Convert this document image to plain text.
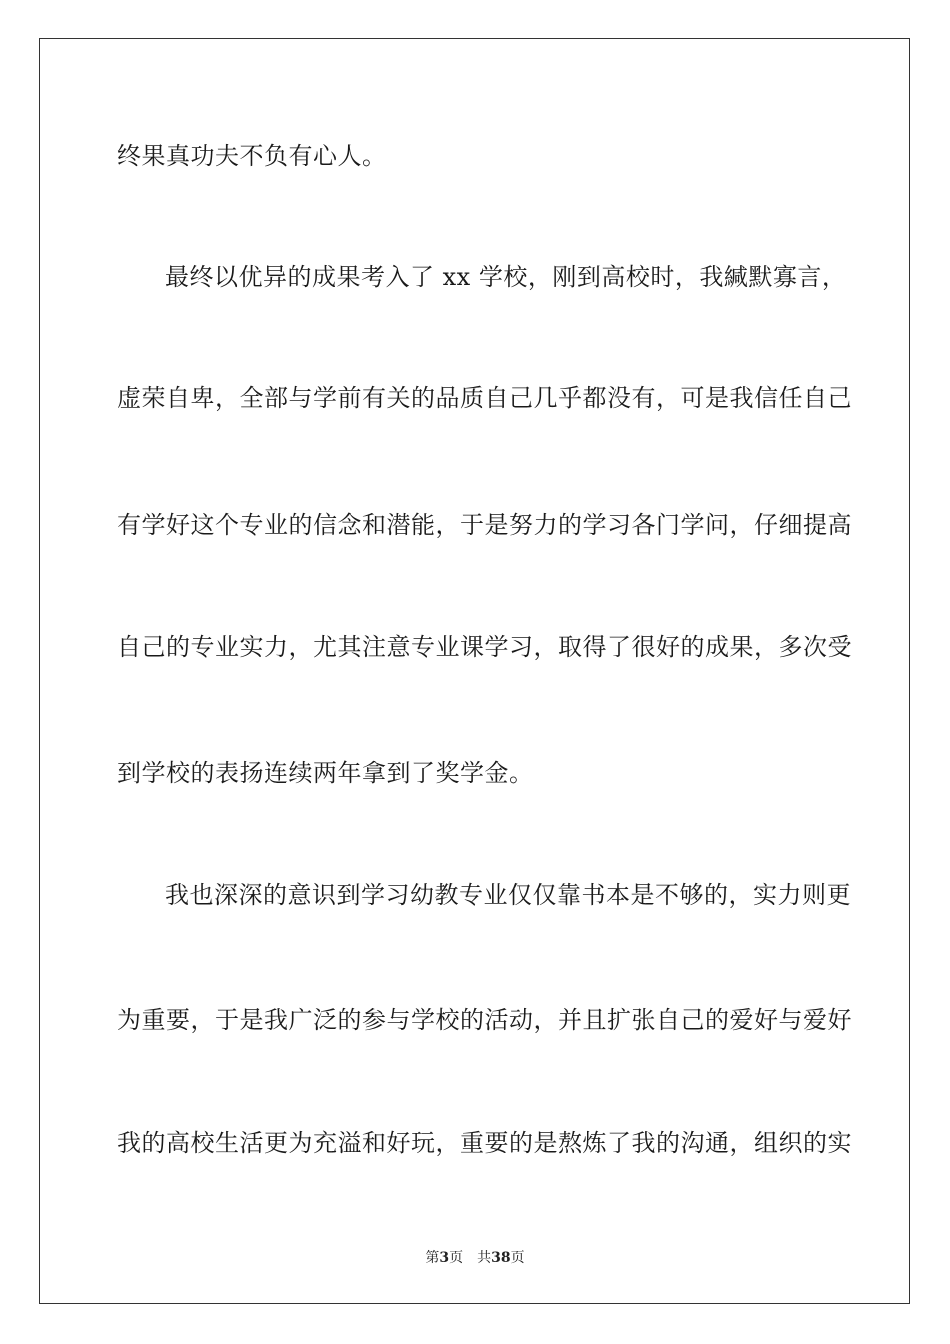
终果真功夫不负有心人。
最终以优异的成果考入了 xx 学校，刚到高校时，我緘默寡言，
虚荣自卑，全部与学前有关的品质自己几乎都没有，可是我信任自己
有学好这个专业的信念和潜能，于是努力的学习各门学问，仔细提高
自己的专业实力，尤其注意专业课学习，取得了很好的成果，多次受
到学校的表扬连续两年拿到了奖学金。
我也深深的意识到学习幼教专业仅仅靠书本是不够的，实力则更
为重要，于是我广泛的参与学校的活动，并且扩张自己的爱好与爱好
我的高校生活更为充溢和好玩，重要的是熬炼了我的沟通，组织的实
第3页 共38页
